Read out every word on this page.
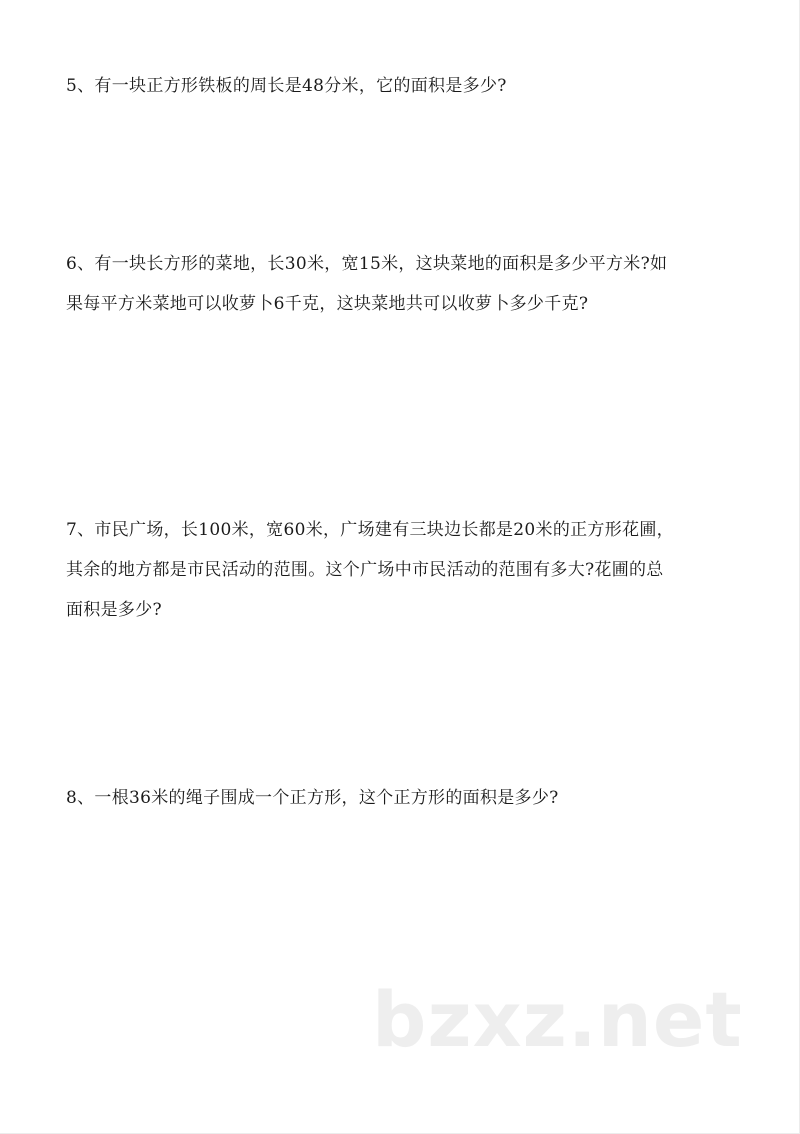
5、有一块正方形铁板的周长是48分米，它的面积是多少?

6、有一块长方形的菜地，长30米，宽15米，这块菜地的面积是多少平方米?如

果每平方米菜地可以收萝卜6千克，这块菜地共可以收萝卜多少千克?

7、市民广场，长100米，宽60米，广场建有三块边长都是20米的正方形花圃，

其余的地方都是市民活动的范围。这个广场中市民活动的范围有多大?花圃的总

面积是多少?

8、一根36米的绳子围成一个正方形，这个正方形的面积是多少?

bzxz.net
